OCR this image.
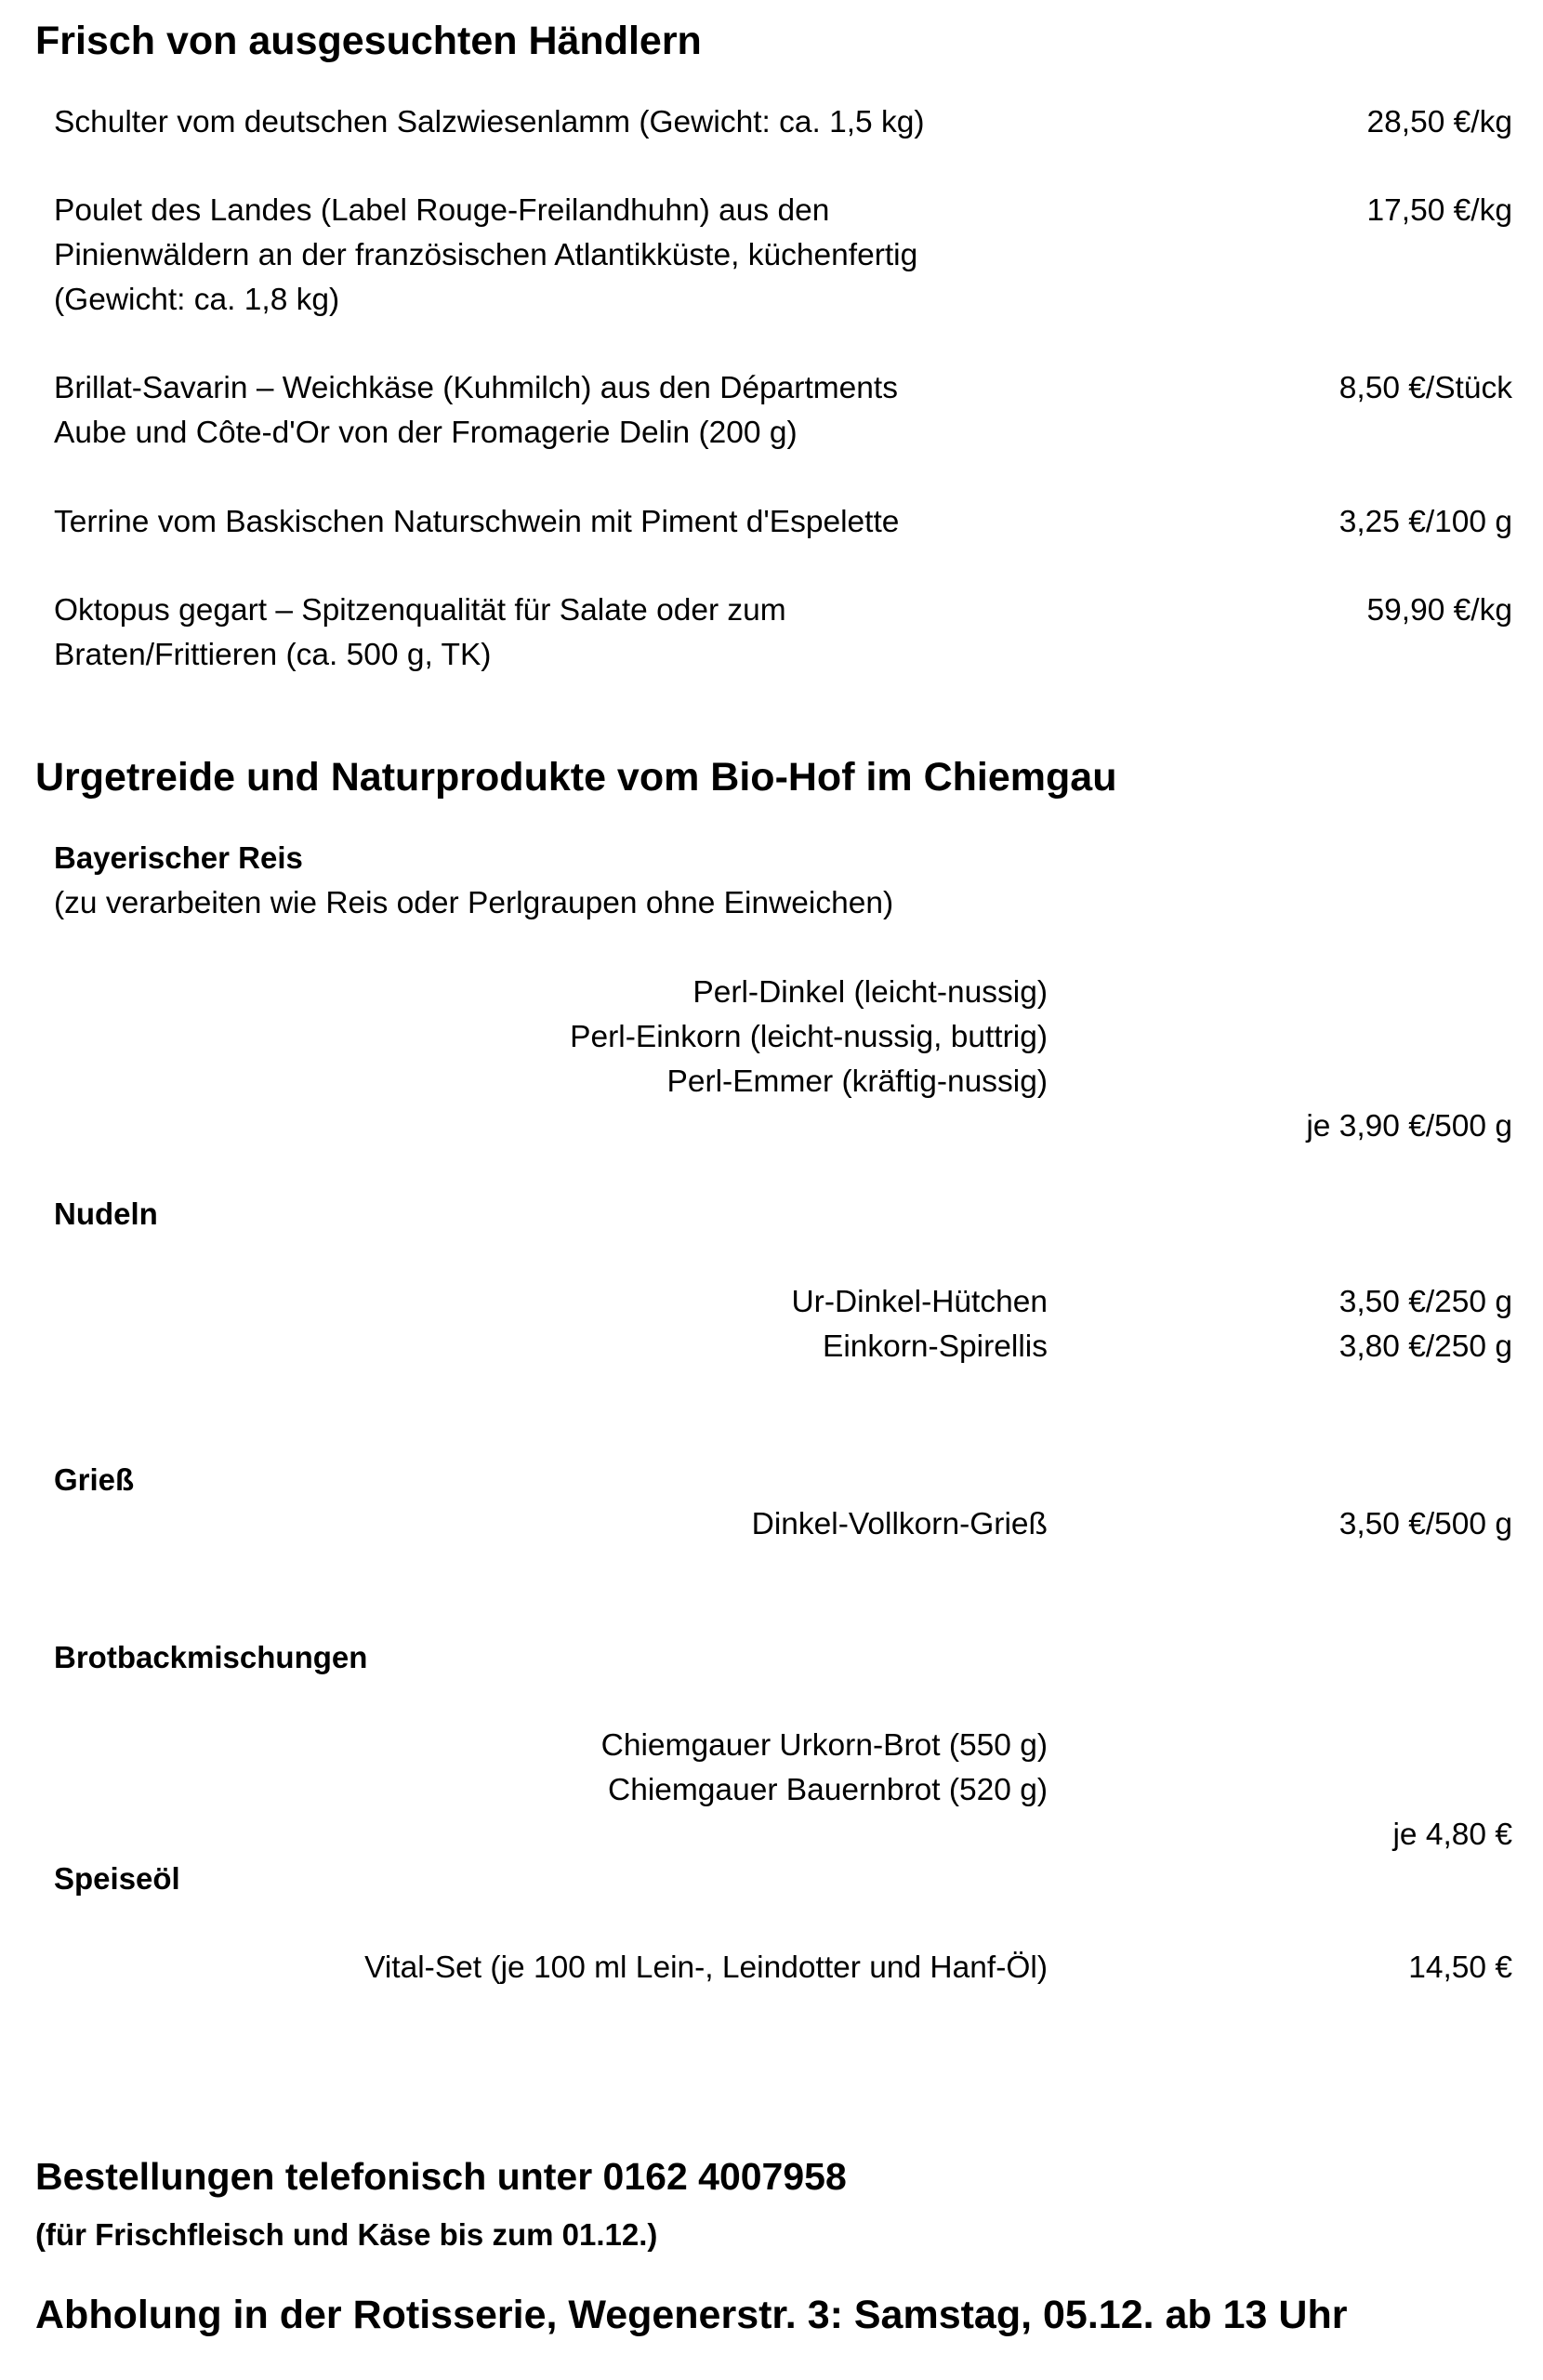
Frisch von ausgesuchten Händlern
Schulter vom deutschen Salzwiesenlamm (Gewicht: ca. 1,5 kg)	28,50 €/kg
Poulet des Landes (Label Rouge-Freilandhuhn) aus den
Pinienwäldern an der französischen Atlantikküste, küchenfertig
(Gewicht: ca. 1,8 kg)
17,50 €/kg
Brillat-Savarin – Weichkäse (Kuhmilch) aus den Départments
Aube und Côte-d'Or von der Fromagerie Delin (200 g)
8,50 €/Stück
Terrine vom Baskischen Naturschwein mit Piment d'Espelette	3,25 €/100 g
Oktopus gegart – Spitzenqualität für Salate oder zum
Braten/Frittieren (ca. 500 g, TK)
59,90 €/kg
Urgetreide und Naturprodukte vom Bio-Hof im Chiemgau
Bayerischer Reis
(zu verarbeiten wie Reis oder Perlgraupen ohne Einweichen)
Perl-Dinkel (leicht-nussig)
Perl-Einkorn (leicht-nussig, buttrig)
Perl-Emmer (kräftig-nussig)
je 3,90 €/500 g
Nudeln
Ur-Dinkel-Hütchen	3,50 €/250 g
Einkorn-Spirellis	3,80 €/250 g
Grieß
Dinkel-Vollkorn-Grieß	3,50 €/500 g
Brotbackmischungen
Chiemgauer Urkorn-Brot (550 g)
Chiemgauer Bauernbrot (520 g)
je 4,80 €
Speiseöl
Vital-Set (je 100 ml Lein-, Leindotter und Hanf-Öl)	14,50 €
Bestellungen telefonisch unter 0162 4007958
(für Frischfleisch und Käse bis zum 01.12.)
Abholung in der Rotisserie, Wegenerstr. 3: Samstag, 05.12. ab 13 Uhr
